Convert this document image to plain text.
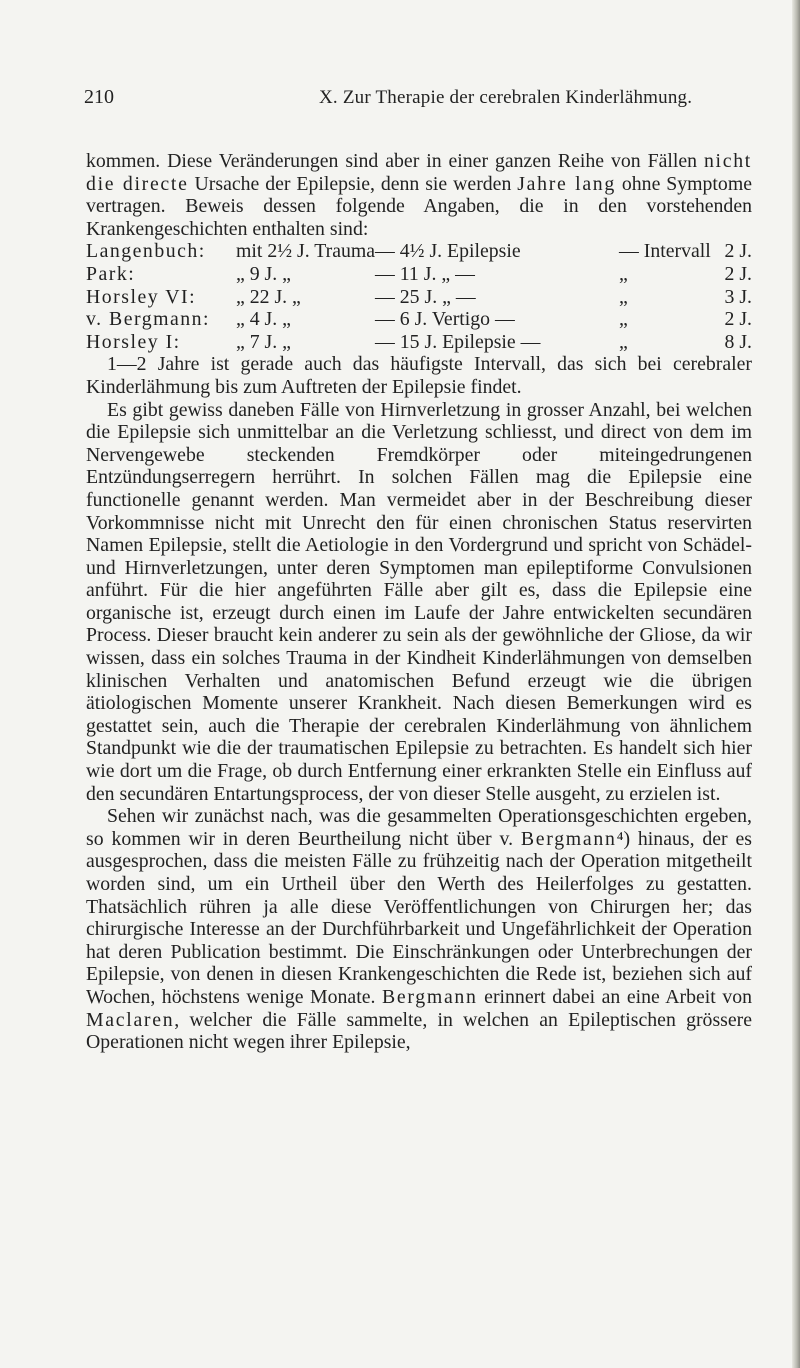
210	X. Zur Therapie der cerebralen Kinderlähmung.

kommen. Diese Veränderungen sind aber in einer ganzen Reihe von Fällen nicht die directe Ursache der Epilepsie, denn sie werden Jahre lang ohne Symptome vertragen. Beweis dessen folgende Angaben, die in den vorstehenden Krankengeschichten enthalten sind:

Langenbuch:	mit 2½ J. Trauma	— 4½ J. Epilepsie	— Intervall	2 J.
Park:	„ 9 J. „	— 11 J. „ —	„	2 J.
Horsley VI:	„ 22 J. „	— 25 J. „ —	„	3 J.
v. Bergmann:	„ 4 J. „	— 6 J. Vertigo —	„	2 J.
Horsley I:	„ 7 J. „	— 15 J. Epilepsie —	„	8 J.

1—2 Jahre ist gerade auch das häufigste Intervall, das sich bei cerebraler Kinderlähmung bis zum Auftreten der Epilepsie findet.

Es gibt gewiss daneben Fälle von Hirnverletzung in grosser Anzahl, bei welchen die Epilepsie sich unmittelbar an die Verletzung schliesst, und direct von dem im Nervengewebe steckenden Fremdkörper oder miteingedrungenen Entzündungserregern herrührt. In solchen Fällen mag die Epilepsie eine functionelle genannt werden. Man vermeidet aber in der Beschreibung dieser Vorkommnisse nicht mit Unrecht den für einen chronischen Status reservirten Namen Epilepsie, stellt die Aetiologie in den Vordergrund und spricht von Schädel- und Hirnverletzungen, unter deren Symptomen man epileptiforme Convulsionen anführt. Für die hier angeführten Fälle aber gilt es, dass die Epilepsie eine organische ist, erzeugt durch einen im Laufe der Jahre entwickelten secundären Process. Dieser braucht kein anderer zu sein als der gewöhnliche der Gliose, da wir wissen, dass ein solches Trauma in der Kindheit Kinderlähmungen von demselben klinischen Verhalten und anatomischen Befund erzeugt wie die übrigen ätiologischen Momente unserer Krankheit. Nach diesen Bemerkungen wird es gestattet sein, auch die Therapie der cerebralen Kinderlähmung von ähnlichem Standpunkt wie die der traumatischen Epilepsie zu betrachten. Es handelt sich hier wie dort um die Frage, ob durch Entfernung einer erkrankten Stelle ein Einfluss auf den secundären Entartungsprocess, der von dieser Stelle ausgeht, zu erzielen ist.

Sehen wir zunächst nach, was die gesammelten Operationsgeschichten ergeben, so kommen wir in deren Beurtheilung nicht über v. Bergmann⁴) hinaus, der es ausgesprochen, dass die meisten Fälle zu frühzeitig nach der Operation mitgetheilt worden sind, um ein Urtheil über den Werth des Heilerfolges zu gestatten. Thatsächlich rühren ja alle diese Veröffentlichungen von Chirurgen her; das chirurgische Interesse an der Durchführbarkeit und Ungefährlichkeit der Operation hat deren Publication bestimmt. Die Einschränkungen oder Unterbrechungen der Epilepsie, von denen in diesen Krankengeschichten die Rede ist, beziehen sich auf Wochen, höchstens wenige Monate. Bergmann erinnert dabei an eine Arbeit von Maclaren, welcher die Fälle sammelte, in welchen an Epileptischen grössere Operationen nicht wegen ihrer Epilepsie,
